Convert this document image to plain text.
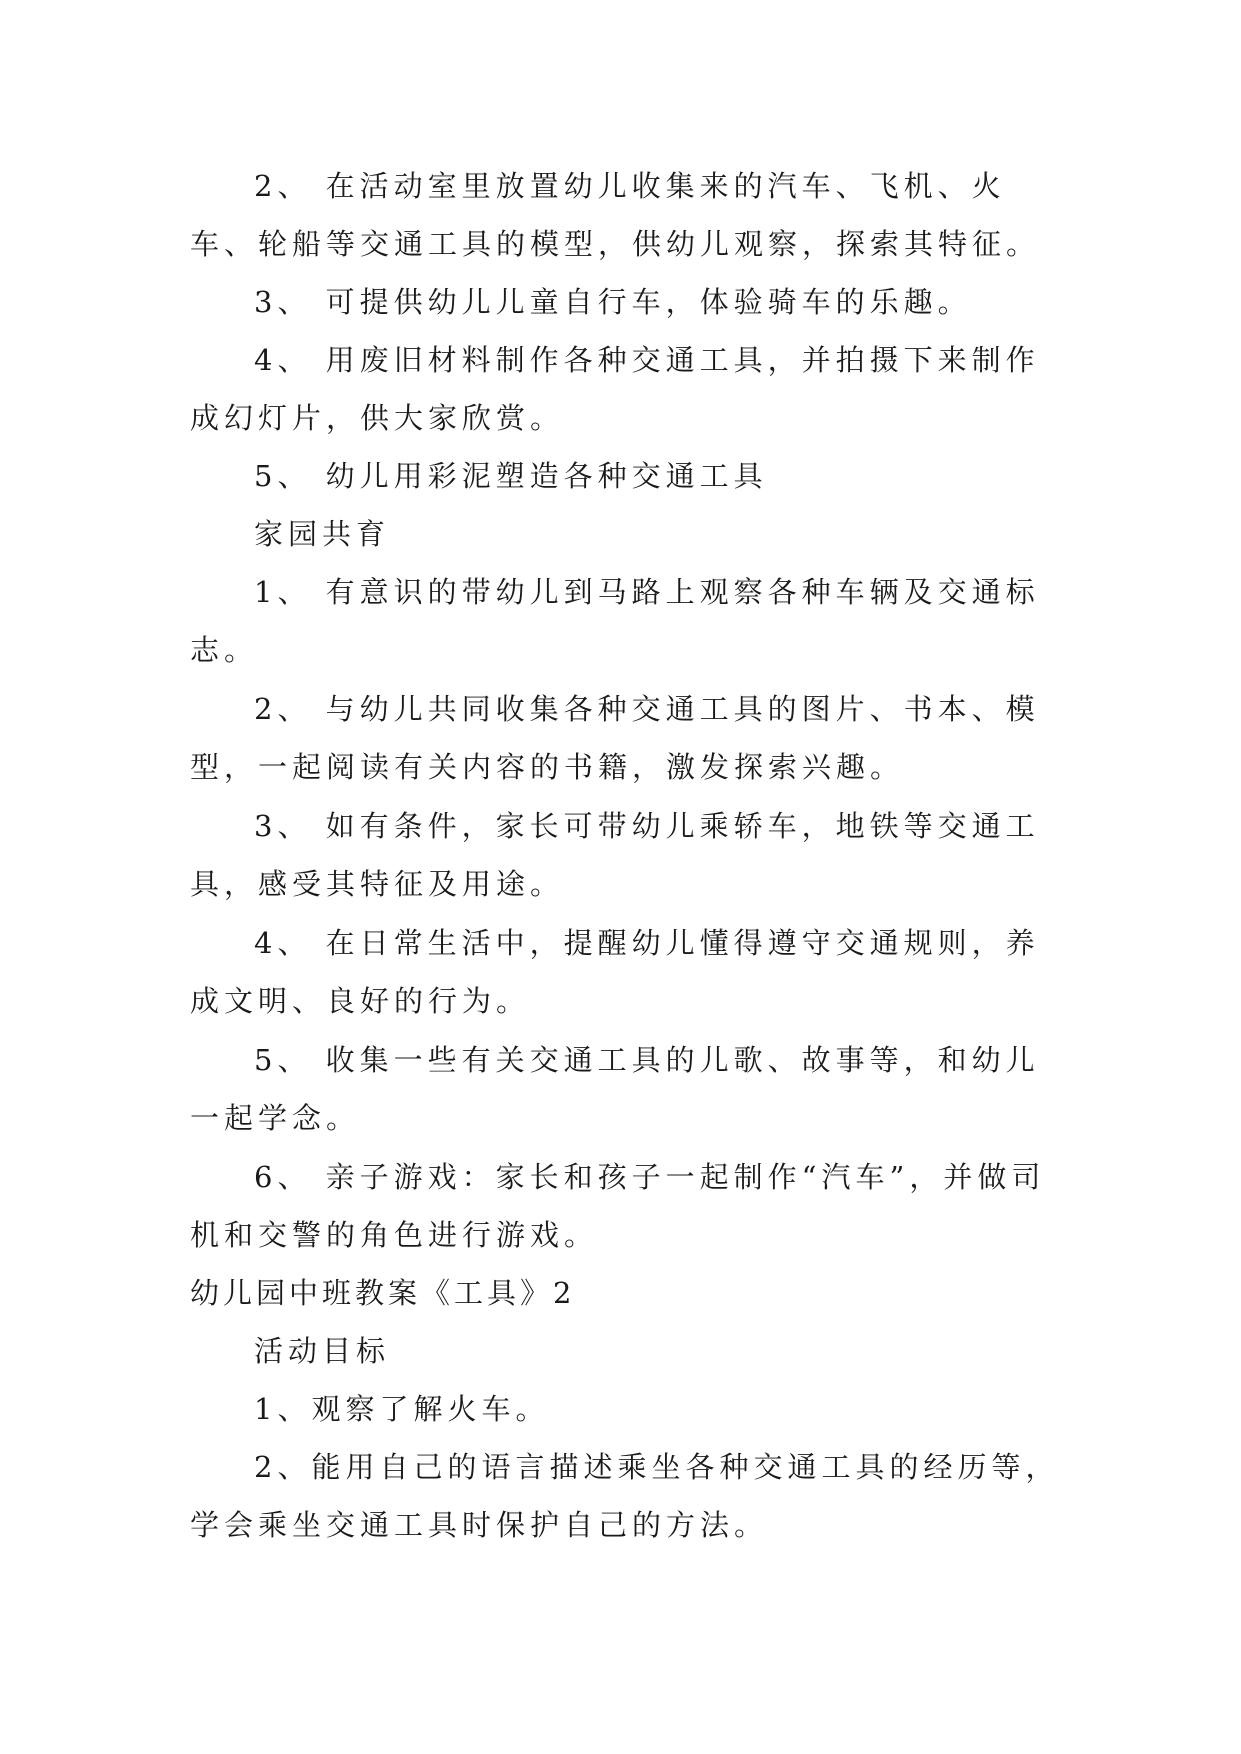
2、 在活动室里放置幼儿收集来的汽车、飞机、火车、轮船等交通工具的模型，供幼儿观察，探索其特征。

3、 可提供幼儿儿童自行车，体验骑车的乐趣。

4、 用废旧材料制作各种交通工具，并拍摄下来制作成幻灯片，供大家欣赏。

5、 幼儿用彩泥塑造各种交通工具

家园共育

1、 有意识的带幼儿到马路上观察各种车辆及交通标志。

2、 与幼儿共同收集各种交通工具的图片、书本、模型，一起阅读有关内容的书籍，激发探索兴趣。

3、 如有条件，家长可带幼儿乘轿车，地铁等交通工具，感受其特征及用途。

4、 在日常生活中，提醒幼儿懂得遵守交通规则，养成文明、良好的行为。

5、 收集一些有关交通工具的儿歌、故事等，和幼儿一起学念。

6、 亲子游戏：家长和孩子一起制作“汽车”，并做司机和交警的角色进行游戏。

幼儿园中班教案《工具》2

活动目标

1、观察了解火车。

2、能用自己的语言描述乘坐各种交通工具的经历等，学会乘坐交通工具时保护自己的方法。
